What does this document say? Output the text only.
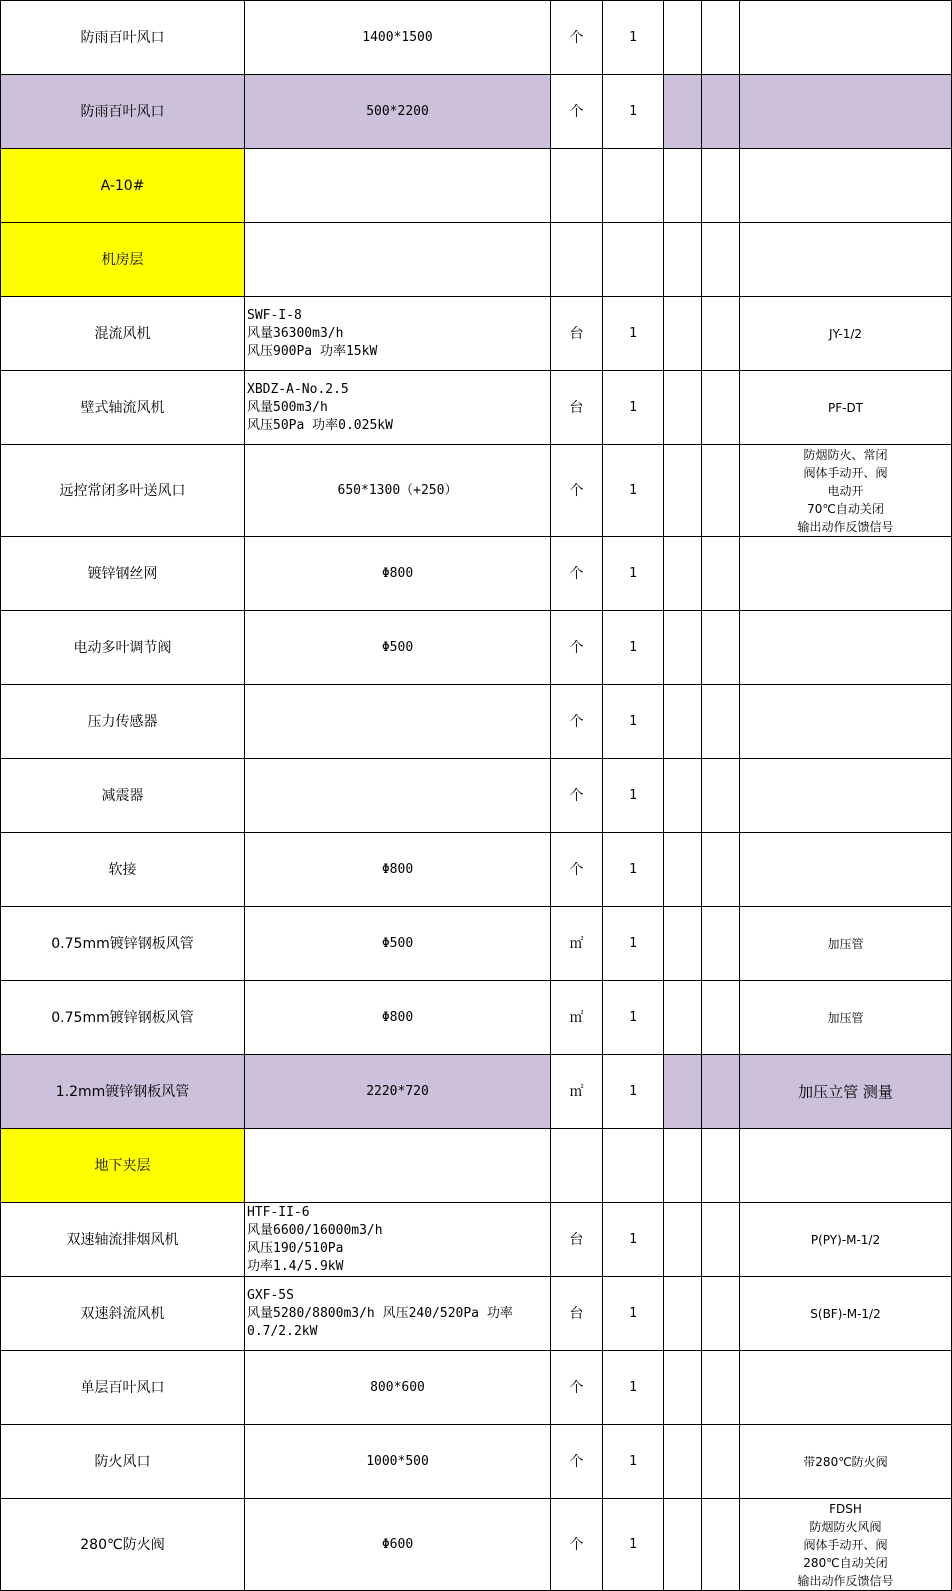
防雨百叶风口	1400*1500	个	1			
防雨百叶风口	500*2200	个	1			
A-10#						
机房层						
混流风机	SWF-I-8
风量36300m3/h
风压900Pa 功率15kW	台	1			JY-1/2
壁式轴流风机	XBDZ-A-No.2.5
风量500m3/h
风压50Pa 功率0.025kW	台	1			PF-DT
远控常闭多叶送风口	650*1300（+250）	个	1			防烟防火、常闭
阀体手动开、阀
电动开
70℃自动关闭
输出动作反馈信号
镀锌钢丝网	Φ800	个	1			
电动多叶调节阀	Φ500	个	1			
压力传感器		个	1			
减震器		个	1			
软接	Φ800	个	1			
0.75mm镀锌钢板风管	Φ500	㎡	1			加压管
0.75mm镀锌钢板风管	Φ800	㎡	1			加压管
1.2mm镀锌钢板风管	2220*720	㎡	1			加压立管 测量
地下夹层						
双速轴流排烟风机	HTF-II-6
风量6600/16000m3/h
风压190/510Pa
功率1.4/5.9kW	台	1			P(PY)-M-1/2
双速斜流风机	GXF-5S
风量5280/8800m3/h 风压240/520Pa 功率0.7/2.2kW	台	1			S(BF)-M-1/2
单层百叶风口	800*600	个	1			
防火风口	1000*500	个	1			带280℃防火阀
280℃防火阀	Φ600	个	1			FDSH
防烟防火风阀
阀体手动开、阀
280℃自动关闭
输出动作反馈信号
